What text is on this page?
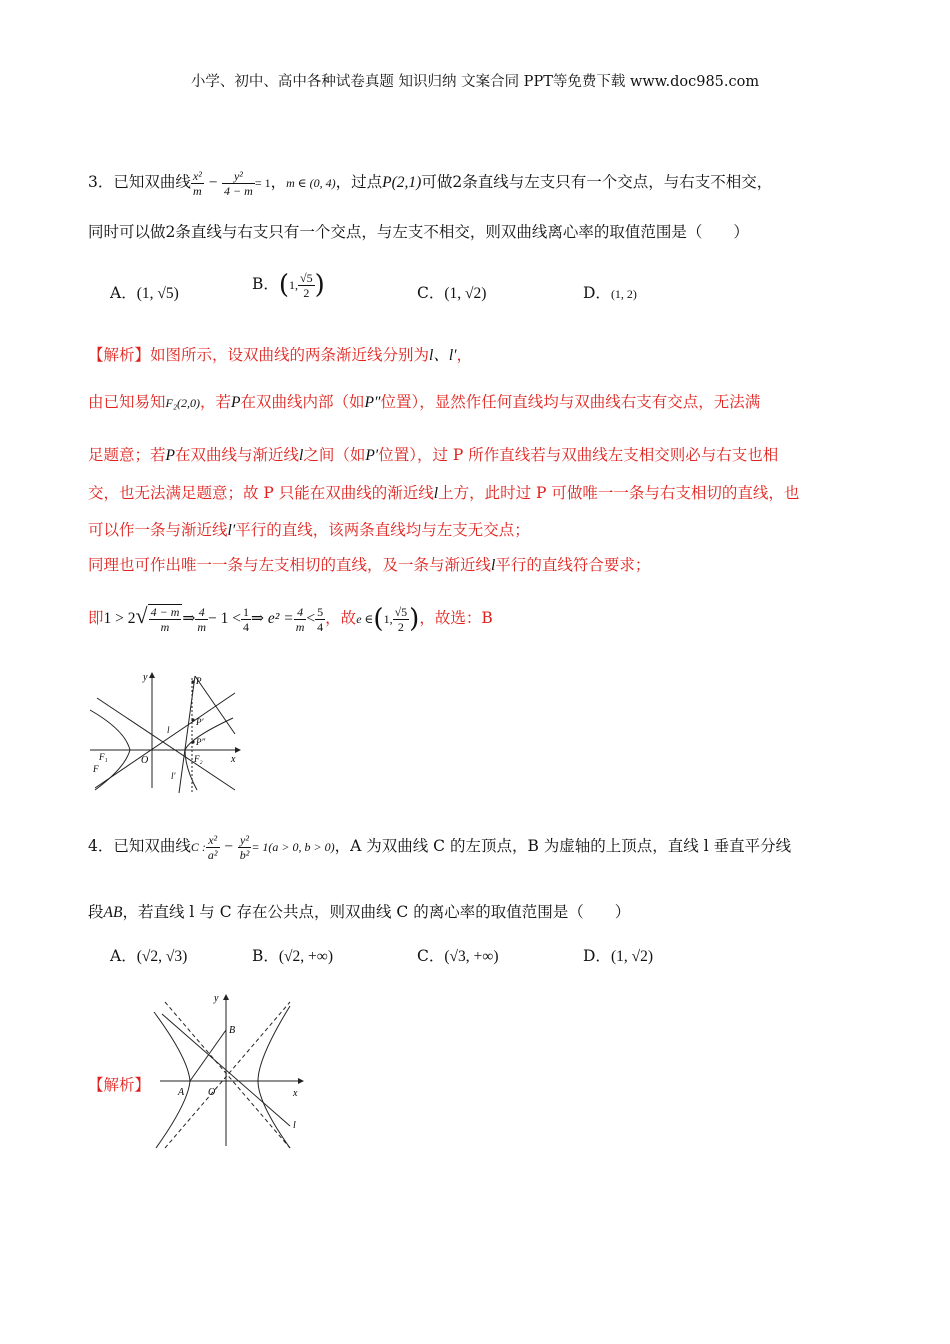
小学、初中、高中各种试卷真题 知识归纳 文案合同 PPT等免费下载 www.doc985.com
3．已知双曲线 $\frac{\text{x²}}{m} - \frac{\text{y²}}{4 - m} = 1$，m ∈ (0, 4)，过点P(2,1)可做2条直线与左支只有一个交点，与右支不相交，
同时可以做2条直线与右支只有一个交点，与左支不相交，则双曲线离心率的取值范围是（　　）
A．(1, √5)
B．(1, $\frac{√5}{2}$ )	C．(1, √2)	D．(1, 2)
【解析】如图所示，设双曲线的两条渐近线分别为l、l′，
由已知易知F₂(2,0)，若P在双曲线内部（如P″位置），显然作任何直线均与双曲线右支有交点，无法满
足题意；若P在双曲线与渐近线l之间（如P′位置），过 P 所作直线若与双曲线左支相交则必与右支也相
交，也无法满足题意；故 P 只能在双曲线的渐近线l上方，此时过 P 可做唯一一条与右支相切的直线，也
可以作一条与渐近线l′平行的直线，该两条直线均与左支无交点；
同理也可作出唯一一条与左支相切的直线，及一条与渐近线l平行的直线符合要求；
即$1 > 2√ \frac{4 - m}{m}$ ⇒ $\frac{4}{m} - 1 < \frac{1}{4}$ ⇒ $e^2 = \frac{4}{m} < \frac{5}{4}$ ，故e ∈(1, $\frac{√5}{2}$ )，故选：B
y
x
O
P
P′
P″
l
l′
F₁
F
F₂
4．已知双曲线C : $\frac{\text{x²}}{\text{a²}} - \frac{\text{y²}}{\text{b²}} = 1(a > 0$, b > 0)，A 为双曲线 C 的左顶点，B 为虚轴的上顶点，直线 l 垂直平分线
段AB，若直线 l 与 C 存在公共点，则双曲线 C 的离心率的取值范围是（　　）
A．(√2, √3)	B．(√2, +∞)	C．(√3, +∞)	D．(1, √2)
【解析】
y
x
B
A O
l
